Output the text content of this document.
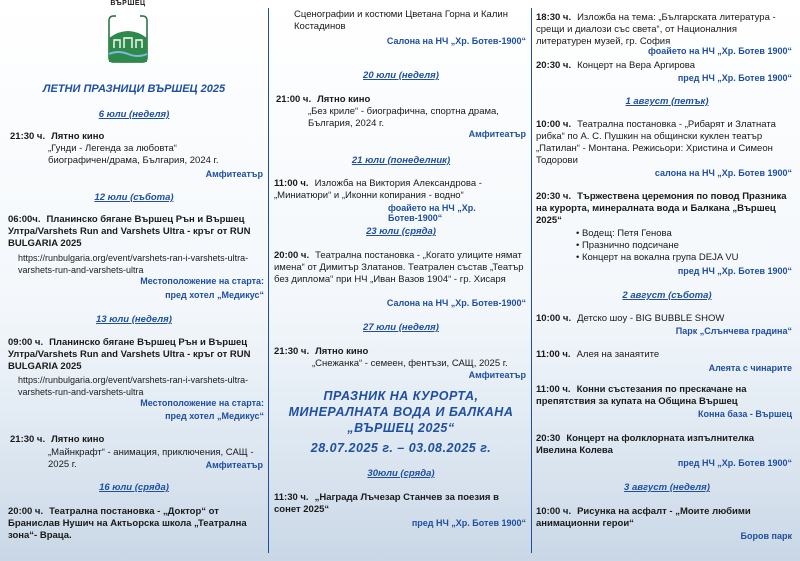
ВЪРШЕЦ
ЛЕТНИ ПРАЗНИЦИ ВЪРШЕЦ 2025
6 юли (неделя)
21:30 ч. Лятно кино
„Гунди - Легенда за любовта“
биографичен/драма, България, 2024 г.
Амфитеатър
12 юли (събота)
06:00ч. Планинско бягане Вършец Рън и Вършец Ултра/Varshets Run and Varshets Ultra - кръг от RUN BULGARIA 2025
https://runbulgaria.org/event/varshets-ran-i-varshets-ultra-varshets-run-and-varshets-ultra
Местоположение на старта:
пред хотел „Медикус“
13 юли (неделя)
09:00 ч. Планинско бягане Вършец Рън и Вършец Ултра/Varshets Run and Varshets Ultra - кръг от RUN BULGARIA 2025
https://runbulgaria.org/event/varshets-ran-i-varshets-ultra-varshets-run-and-varshets-ultra
Местоположение на старта:
пред хотел „Медикус“
21:30 ч. Лятно кино
„Майнкрафт“ - анимация, приключения, САЩ - 2025 г.	Амфитеатър
16 юли (сряда)
20:00 ч. Театрална постановка - „Доктор“ от Бранислав Нушич на Актьорска школа „Театрална зона“- Враца.
Сценографии и костюми Цветана Горна и Калин Костадинов
Салона на НЧ „Хр. Ботев-1900“
20 юли (неделя)
21:00 ч. Лятно кино
„Без криле“ - биографична, спортна драма, България, 2024 г.
Амфитеатър
21 юли (понеделник)
11:00 ч. Изложба на Виктория Александрова - „Миниатюри“ и „Иконни копирания - водно“
фоайето на НЧ „Хр. Ботев-1900“
23 юли (сряда)
20:00 ч. Театрална постановка - „Когато улиците нямат имена“ от Димитър Златанов. Театрален състав „Театър без диплома“ при НЧ „Иван Вазов 1904“ - гр. Хисаря
Салона на НЧ „Хр. Ботев-1900“
27 юли (неделя)
21:30 ч. Лятно кино
„Снежанка“ - семеен, фентъзи, САЩ, 2025 г.
Амфитеатър
ПРАЗНИК НА КУРОРТА,
МИНЕРАЛНАТА ВОДА И БАЛКАНА
„ВЪРШЕЦ 2025“
28.07.2025 г. – 03.08.2025 г.
30юли (сряда)
11:30 ч. „Награда Лъчезар Станчев за поезия в сонет 2025“
пред НЧ „Хр. Ботев 1900“
18:30 ч. Изложба на тема: „Българската литература - срещи и диалози със света“, от Националния литературен музей, гр. София
фоайето на НЧ „Хр. Ботев 1900“
20:30 ч. Концерт на Вера Аргирова
пред НЧ „Хр. Ботев 1900“
1 август (петък)
10:00 ч. Театрална постановка - „Рибарят и Златната рибка“ по А. С. Пушкин на общински куклен театър „Патилан“ - Монтана. Режисьори: Христина и Симеон Тодорови
салона на НЧ „Хр. Ботев 1900“
20:30 ч. Тържествена церемония по повод Празника на курорта, минералната вода и Балкана „Вършец 2025“
• Водещ: Петя Генова
• Празнично подсичане
• Концерт на вокална група DEJA VU
пред НЧ „Хр. Ботев 1900“
2 август (събота)
10:00 ч. Детско шоу - BIG BUBBLE SHOW
Парк „Слънчева градина“
11:00 ч. Алея на занаятите
Алеята с чинарите
11:00 ч. Конни състезания по прескачане на препятствия за купата на Община Вършец
Конна база - Вършец
20:30 Концерт на фолклорната изпълнителка Ивелина Колева
пред НЧ „Хр. Ботев 1900“
3 август (неделя)
10:00 ч. Рисунка на асфалт - „Моите любими анимационни герои“
Боров парк
